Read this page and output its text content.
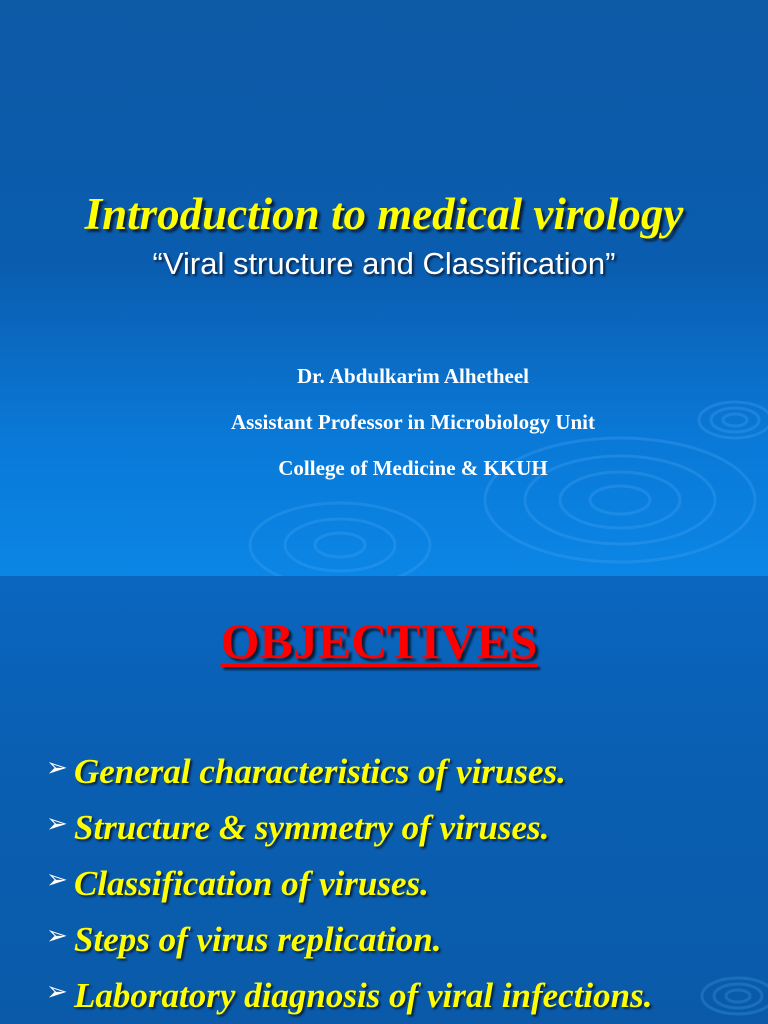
Introduction to medical virology
“Viral structure and Classification”
Dr. Abdulkarim Alhetheel
Assistant Professor in Microbiology Unit
College of Medicine & KKUH
OBJECTIVES
➢ General characteristics of viruses.
➢ Structure & symmetry of viruses.
➢ Classification of viruses.
➢ Steps of virus replication.
➢ Laboratory diagnosis of viral infections.
